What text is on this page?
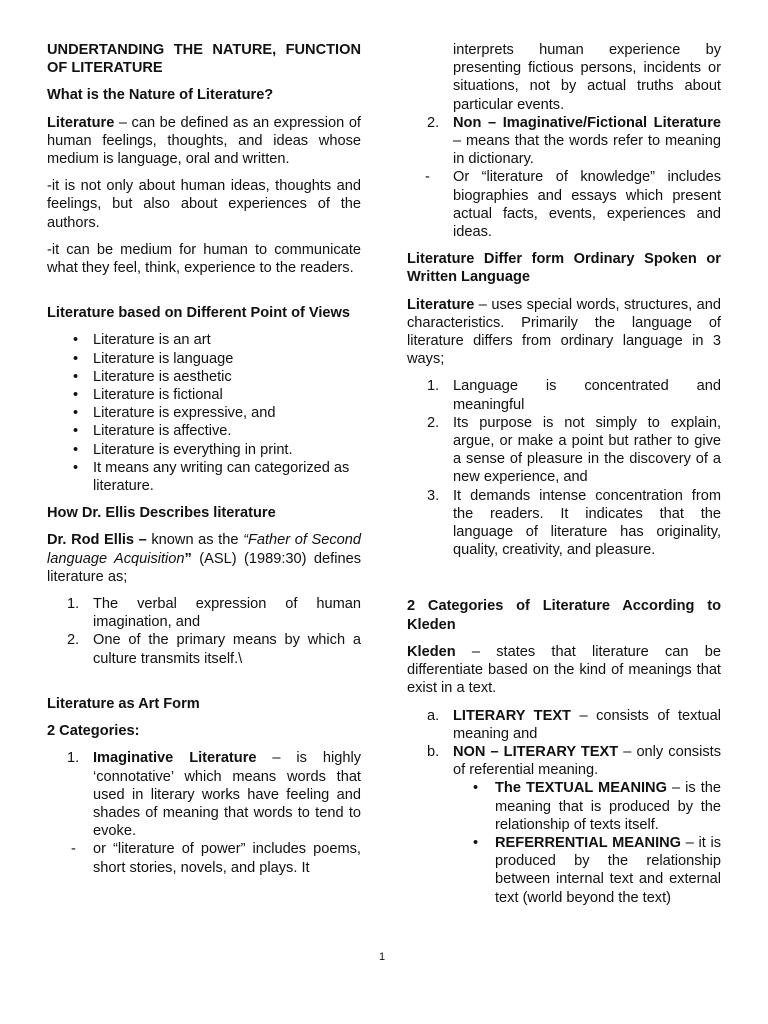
UNDERTANDING THE NATURE, FUNCTION OF LITERATURE
What is the Nature of Literature?

Literature – can be defined as an expression of human feelings, thoughts, and ideas whose medium is language, oral and written.

-it is not only about human ideas, thoughts and feelings, but also about experiences of the authors.

-it can be medium for human to communicate what they feel, think, experience to the readers.

Literature based on Different Point of Views
• Literature is an art
• Literature is language
• Literature is aesthetic
• Literature is fictional
• Literature is expressive, and
• Literature is affective.
• Literature is everything in print.
• It means any writing can categorized as literature.
How Dr. Ellis Describes literature

Dr. Rod Ellis – known as the “Father of Second language Acquisition” (ASL) (1989:30) defines literature as;

1. The verbal expression of human imagination, and
2. One of the primary means by which a culture transmits itself.\
Literature as Art Form
2 Categories:
1. Imaginative Literature – is highly ‘connotative’ which means words that used in literary works have feeling and shades of meaning that words to tend to evoke.
- or “literature of power” includes poems, short stories, novels, and plays. It
interprets human experience by presenting fictious persons, incidents or situations, not by actual truths about particular events.
2. Non – Imaginative/Fictional Literature – means that the words refer to meaning in dictionary.
- Or “literature of knowledge” includes biographies and essays which present actual facts, events, experiences and ideas.
Literature Differ form Ordinary Spoken or Written Language

Literature – uses special words, structures, and characteristics. Primarily the language of literature differs from ordinary language in 3 ways;

1. Language is concentrated and meaningful
2. Its purpose is not simply to explain, argue, or make a point but rather to give a sense of pleasure in the discovery of a new experience, and
3. It demands intense concentration from the readers. It indicates that the language of literature has originality, quality, creativity, and pleasure.
2 Categories of Literature According to Kleden

Kleden – states that literature can be differentiate based on the kind of meanings that exist in a text.

a. LITERARY TEXT – consists of textual meaning and
b. NON – LITERARY TEXT – only consists of referential meaning.
• The TEXTUAL MEANING – is the meaning that is produced by the relationship of texts itself.
• REFERRENTIAL MEANING – it is produced by the relationship between internal text and external text (world beyond the text)
1
